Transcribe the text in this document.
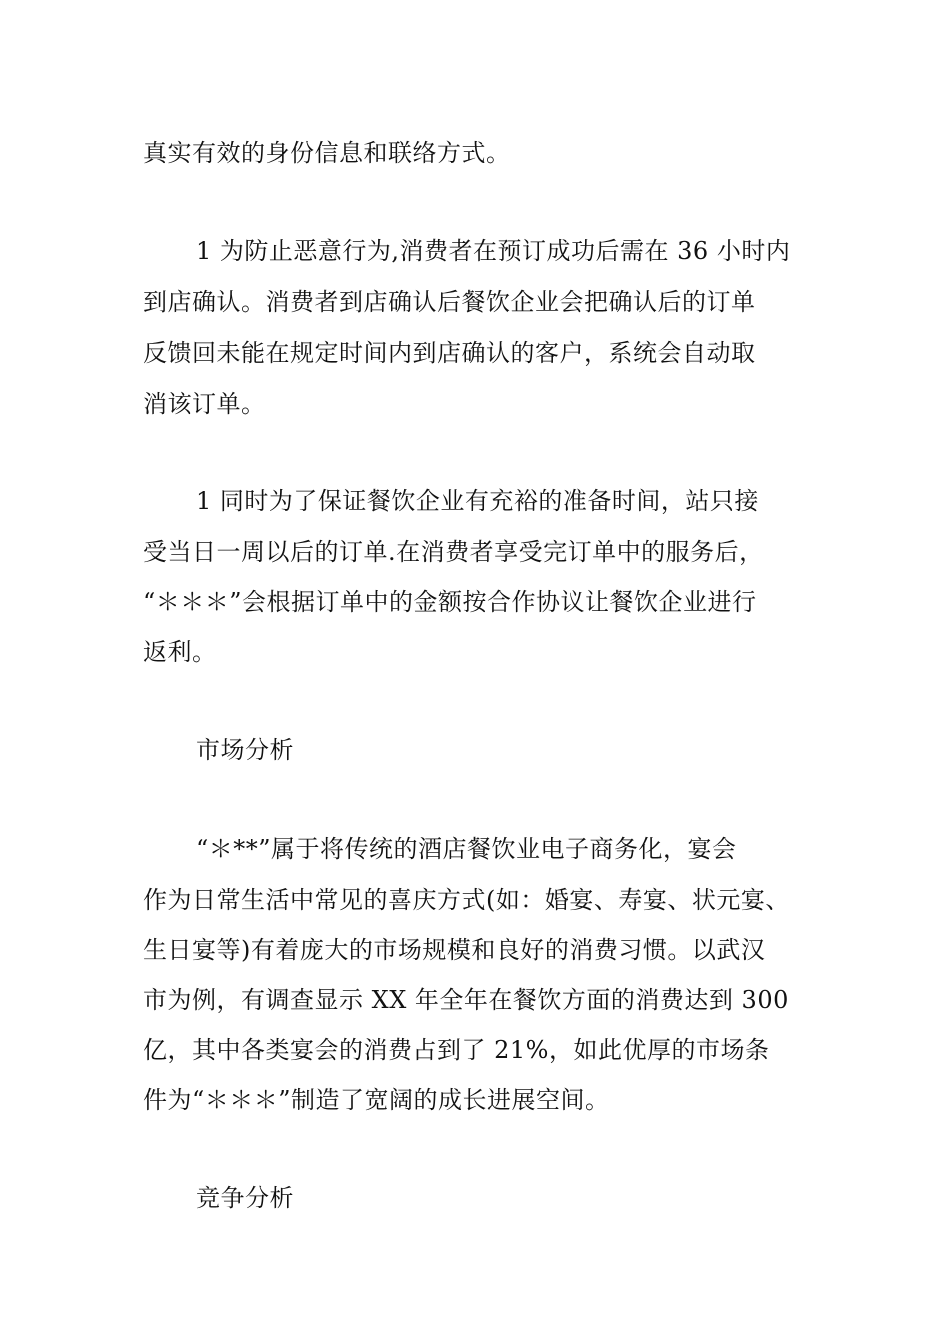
真实有效的身份信息和联络方式。
1 为防止恶意行为,消费者在预订成功后需在 36 小时内
到店确认。消费者到店确认后餐饮企业会把确认后的订单
反馈回未能在规定时间内到店确认的客户，系统会自动取
消该订单。
1 同时为了保证餐饮企业有充裕的准备时间，站只接
受当日一周以后的订单.在消费者享受完订单中的服务后，
“＊＊＊”会根据订单中的金额按合作协议让餐饮企业进行
返利。
市场分析
“＊**”属于将传统的酒店餐饮业电子商务化，宴会
作为日常生活中常见的喜庆方式(如：婚宴、寿宴、状元宴、
生日宴等)有着庞大的市场规模和良好的消费习惯。以武汉
市为例，有调查显示 XX 年全年在餐饮方面的消费达到 300
亿，其中各类宴会的消费占到了 21%，如此优厚的市场条
件为“＊＊＊”制造了宽阔的成长进展空间。
竞争分析
